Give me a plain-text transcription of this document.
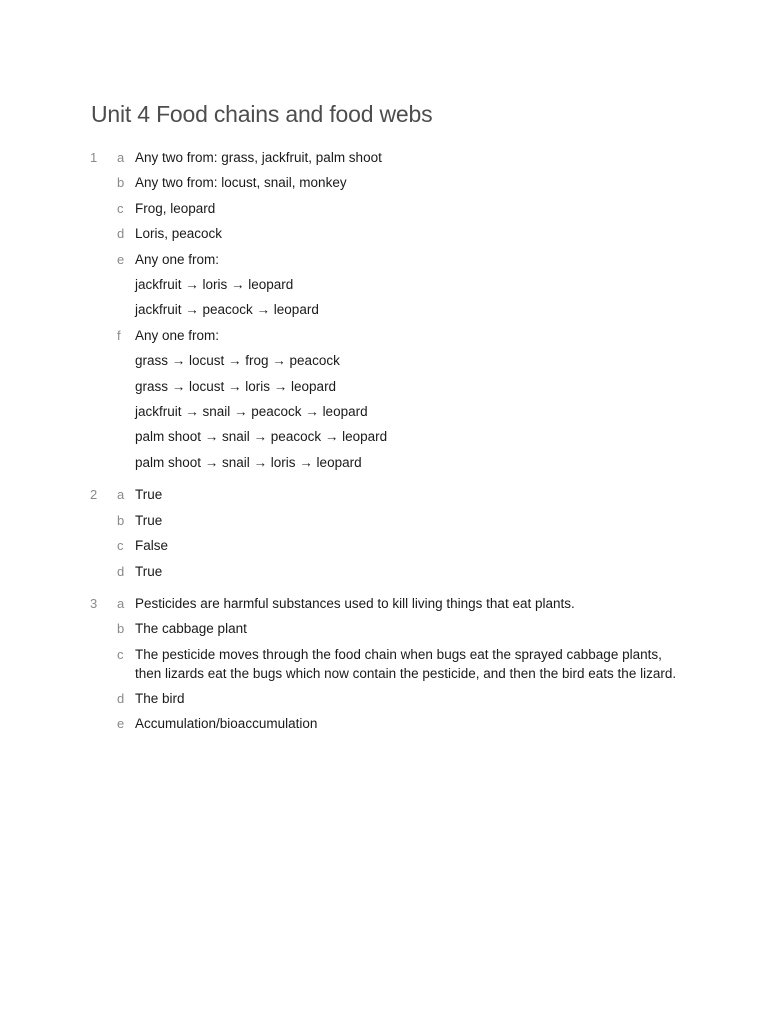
Unit 4 Food chains and food webs
1	a Any two from: grass, jackfruit, palm shoot
b Any two from: locust, snail, monkey
c Frog, leopard
d Loris, peacock
e Any one from:
jackfruit → loris → leopard
jackfruit → peacock → leopard
f	Any one from:
grass → locust → frog → peacock
grass → locust → loris → leopard
jackfruit → snail → peacock → leopard
palm shoot → snail → peacock → leopard
palm shoot → snail → loris → leopard
2	a True
b True
c False
d True
3	a Pesticides are harmful substances used to kill living things that eat plants.
b The cabbage plant
c The pesticide moves through the food chain when bugs eat the sprayed cabbage plants, then lizards eat the bugs which now contain the pesticide, and then the bird eats the lizard.
d The bird
e Accumulation/bioaccumulation
